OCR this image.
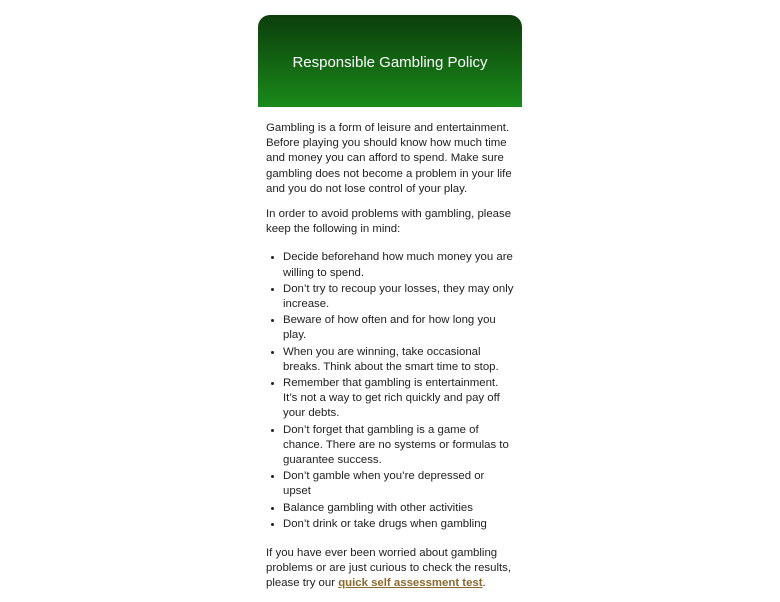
Responsible Gambling Policy

Gambling is a form of leisure and entertainment. Before playing you should know how much time and money you can afford to spend. Make sure gambling does not become a problem in your life and you do not lose control of your play.

In order to avoid problems with gambling, please keep the following in mind:

• Decide beforehand how much money you are willing to spend.
• Don’t try to recoup your losses, they may only increase.
• Beware of how often and for how long you play.
• When you are winning, take occasional breaks. Think about the smart time to stop.
• Remember that gambling is entertainment. It’s not a way to get rich quickly and pay off your debts.
• Don’t forget that gambling is a game of chance. There are no systems or formulas to guarantee success.
• Don’t gamble when you’re depressed or upset
• Balance gambling with other activities
• Don’t drink or take drugs when gambling

If you have ever been worried about gambling problems or are just curious to check the results, please try our quick self assessment test.
